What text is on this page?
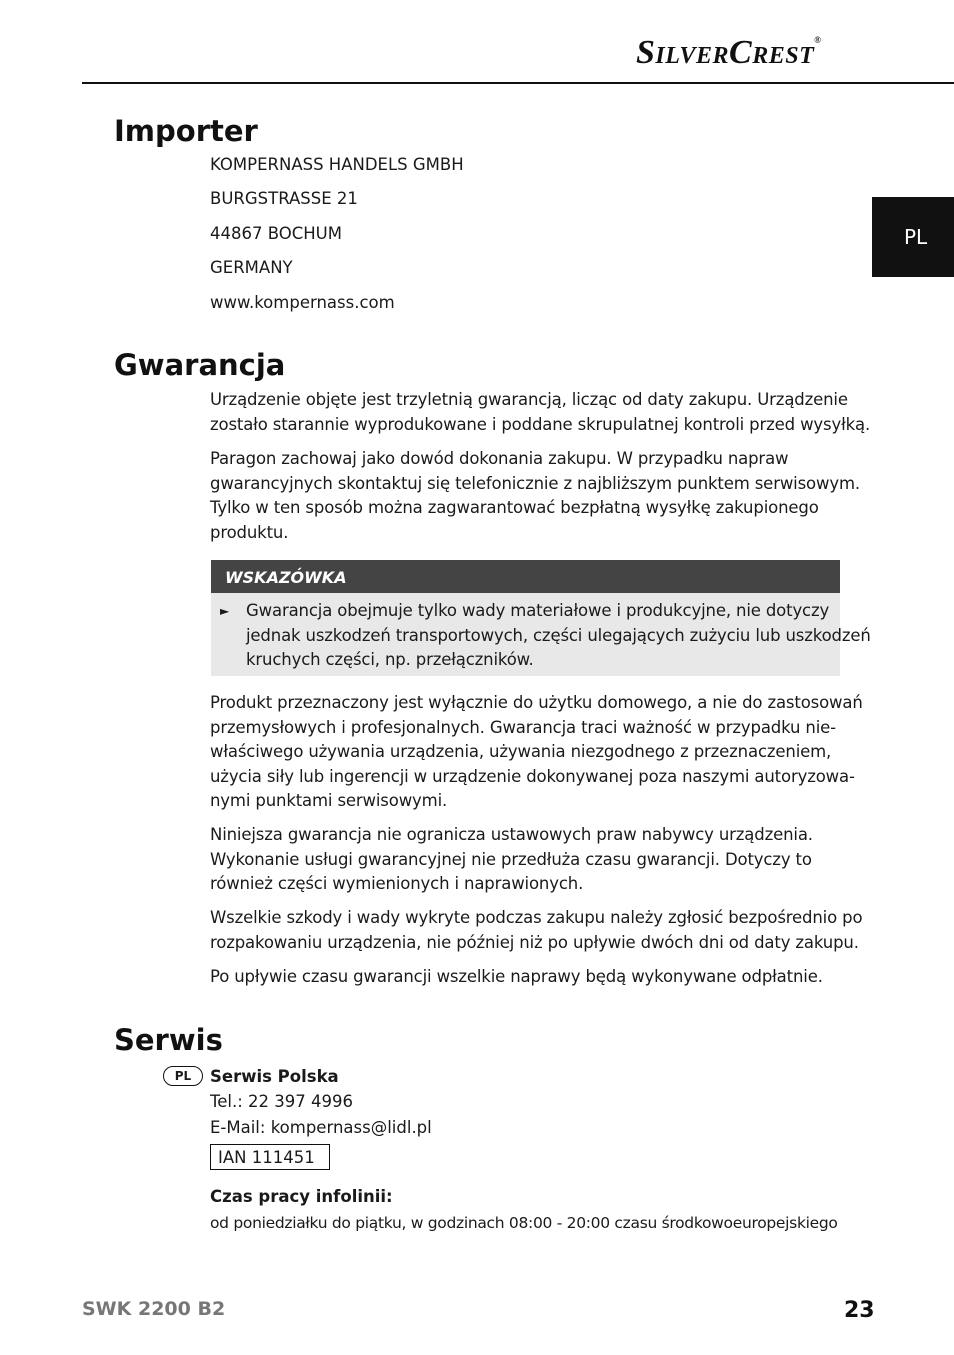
SilverCrest®
PL
Importer
KOMPERNASS HANDELS GMBH
BURGSTRASSE 21
44867 BOCHUM
GERMANY
www.kompernass.com
Gwarancja
Urządzenie objęte jest trzyletnią gwarancją, licząc od daty zakupu. Urządzenie
zostało starannie wyprodukowane i poddane skrupulatnej kontroli przed wysyłką.
Paragon zachowaj jako dowód dokonania zakupu. W przypadku napraw
gwarancyjnych skontaktuj się telefonicznie z najbliższym punktem serwisowym.
Tylko w ten sposób można zagwarantować bezpłatną wysyłkę zakupionego
produktu.
WSKAZÓWKA
► Gwarancja obejmuje tylko wady materiałowe i produkcyjne, nie dotyczy
jednak uszkodzeń transportowych, części ulegających zużyciu lub uszkodzeń
kruchych części, np. przełączników.
Produkt przeznaczony jest wyłącznie do użytku domowego, a nie do zastosowań
przemysłowych i profesjonalnych. Gwarancja traci ważność w przypadku nie-
właściwego używania urządzenia, używania niezgodnego z przeznaczeniem,
użycia siły lub ingerencji w urządzenie dokonywanej poza naszymi autoryzowa-
nymi punktami serwisowymi.
Niniejsza gwarancja nie ogranicza ustawowych praw nabywcy urządzenia.
Wykonanie usługi gwarancyjnej nie przedłuża czasu gwarancji. Dotyczy to
również części wymienionych i naprawionych.
Wszelkie szkody i wady wykryte podczas zakupu należy zgłosić bezpośrednio po
rozpakowaniu urządzenia, nie później niż po upływie dwóch dni od daty zakupu.
Po upływie czasu gwarancji wszelkie naprawy będą wykonywane odpłatnie.
Serwis
PL	Serwis Polska
Tel.: 22 397 4996
E-Mail: kompernass@lidl.pl
IAN 111451
Czas pracy infolinii:
od poniedziałku do piątku, w godzinach 08:00 - 20:00 czasu środkowoeuropejskiego
SWK 2200 B2	23
